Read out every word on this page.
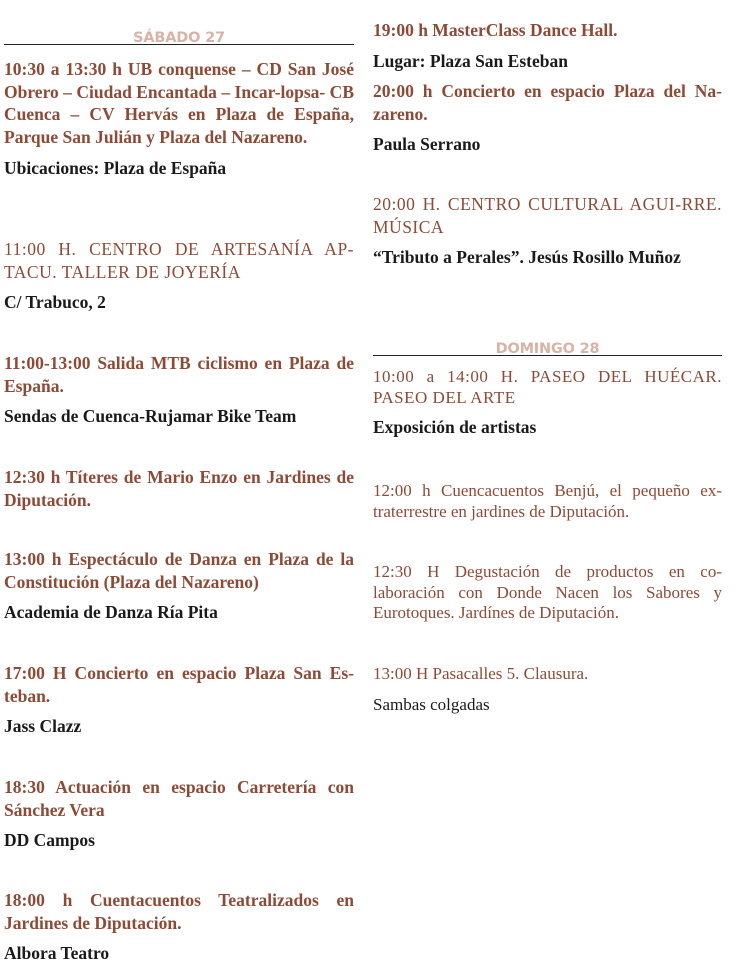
SÁBADO 27
10:30 a 13:30 h UB conquense – CD San José Obrero – Ciudad Encantada – Incar-lopsa- CB Cuenca – CV Hervás en Plaza de España, Parque San Julián y Plaza del Nazareno.
Ubicaciones: Plaza de España
11:00 H. CENTRO DE ARTESANÍA AP-TACU. TALLER DE JOYERÍA
C/ Trabuco, 2
11:00-13:00 Salida MTB ciclismo en Plaza de España.
Sendas de Cuenca-Rujamar Bike Team
12:30 h Títeres de Mario Enzo en Jardines de Diputación.
13:00 h Espectáculo de Danza en Plaza de la Constitución (Plaza del Nazareno)
Academia de Danza Ría Pita
17:00 H Concierto en espacio Plaza San Es-teban.
Jass Clazz
18:30 Actuación en espacio Carretería con Sánchez Vera
DD Campos
18:00 h Cuentacuentos Teatralizados en Jardines de Diputación.
Albora Teatro
19:00 h MasterClass Dance Hall.
Lugar: Plaza San Esteban
20:00 h Concierto en espacio Plaza del Na-zareno.
Paula Serrano
20:00 H. CENTRO CULTURAL AGUI-RRE. MÚSICA
“Tributo a Perales”. Jesús Rosillo Muñoz
DOMINGO 28
10:00 a 14:00 H. PASEO DEL HUÉCAR. PASEO DEL ARTE
Exposición de artistas
12:00 h Cuencacuentos Benjú, el pequeño ex-traterrestre en jardines de Diputación.
12:30 H Degustación de productos en co-laboración con Donde Nacen los Sabores y Eurotoques. Jardínes de Diputación.
13:00 H Pasacalles 5. Clausura.
Sambas colgadas
